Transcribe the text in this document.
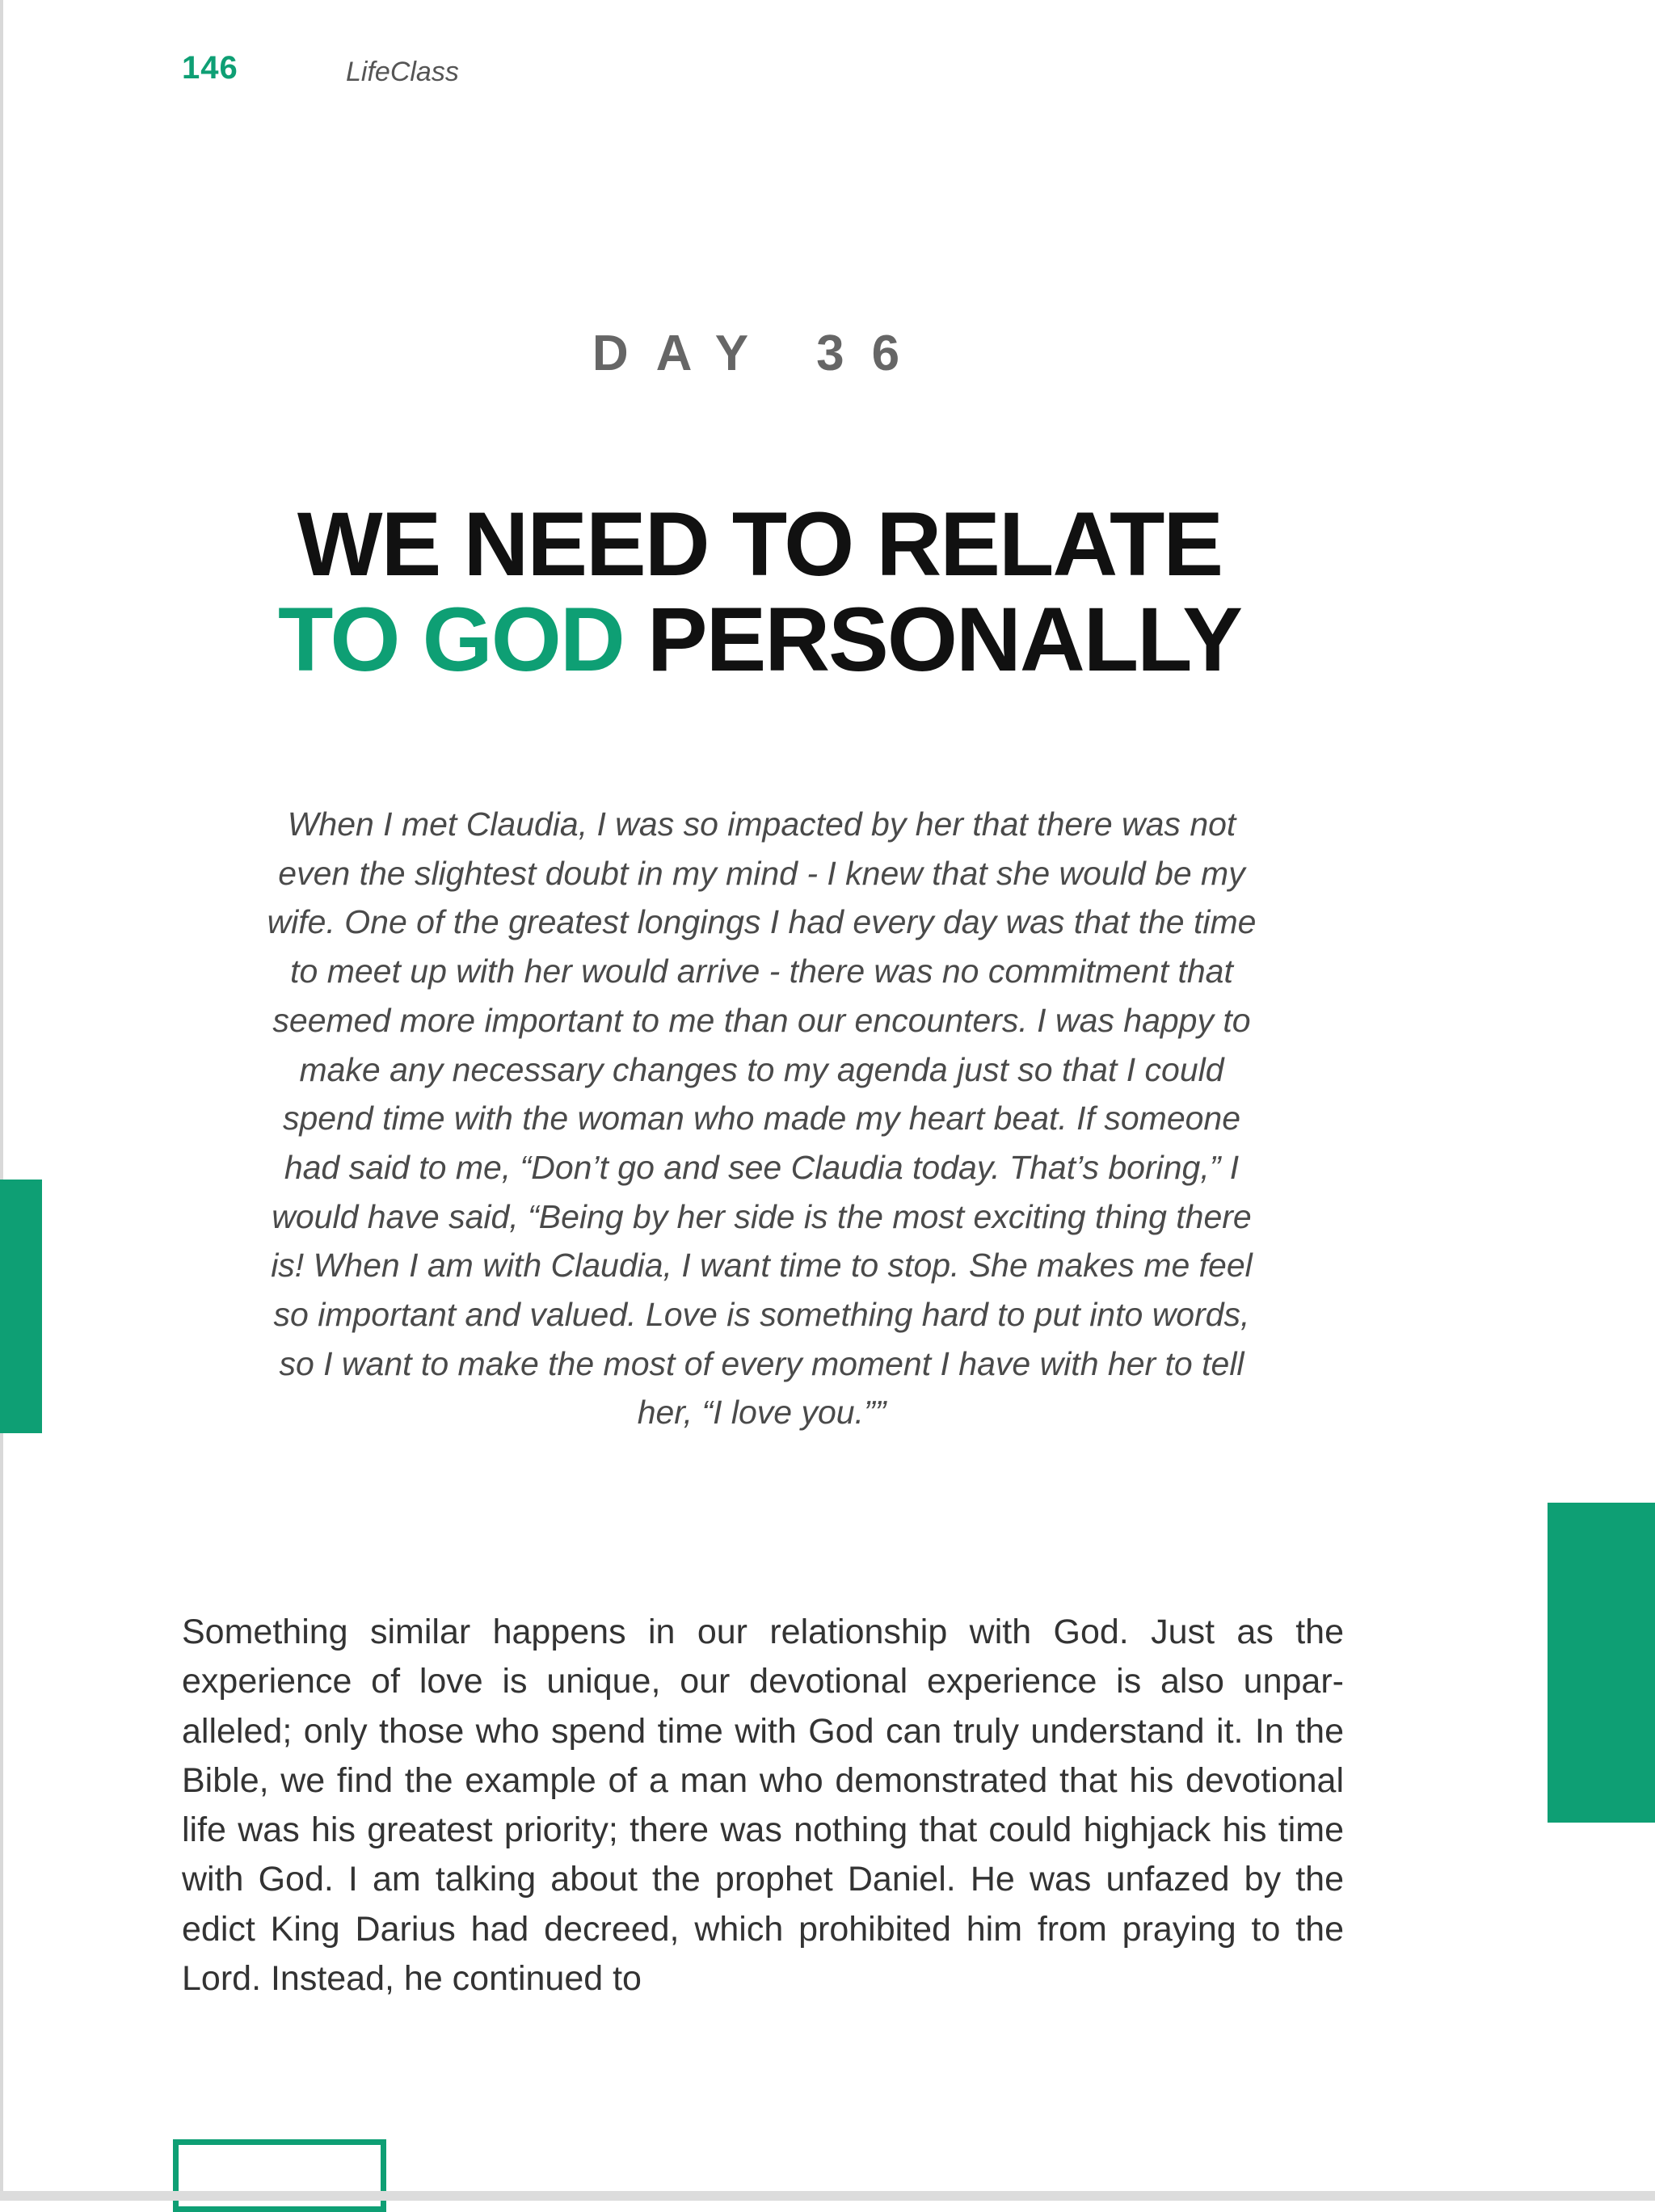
146	LifeClass
DAY 36
WE NEED TO RELATE
TO GOD PERSONALLY
When I met Claudia, I was so impacted by her that there was not even the slightest doubt in my mind - I knew that she would be my wife. One of the greatest longings I had every day was that the time to meet up with her would arrive - there was no commitment that seemed more important to me than our encounters. I was happy to make any necessary changes to my agenda just so that I could spend time with the woman who made my heart beat. If someone had said to me, “Don’t go and see Claudia today. That’s boring,” I would have said, “Being by her side is the most exciting thing there is! When I am with Claudia, I want time to stop. She makes me feel so important and valued. Love is something hard to put into words, so I want to make the most of every moment I have with her to tell her, “I love you.””
Something similar happens in our relationship with God. Just as the experience of love is unique, our devotional experience is also unparalleled; only those who spend time with God can truly understand it. In the Bible, we find the example of a man who demonstrated that his devotional life was his greatest priority; there was nothing that could highjack his time with God. I am talking about the prophet Daniel. He was unfazed by the edict King Darius had decreed, which prohibited him from praying to the Lord. Instead, he continued to
